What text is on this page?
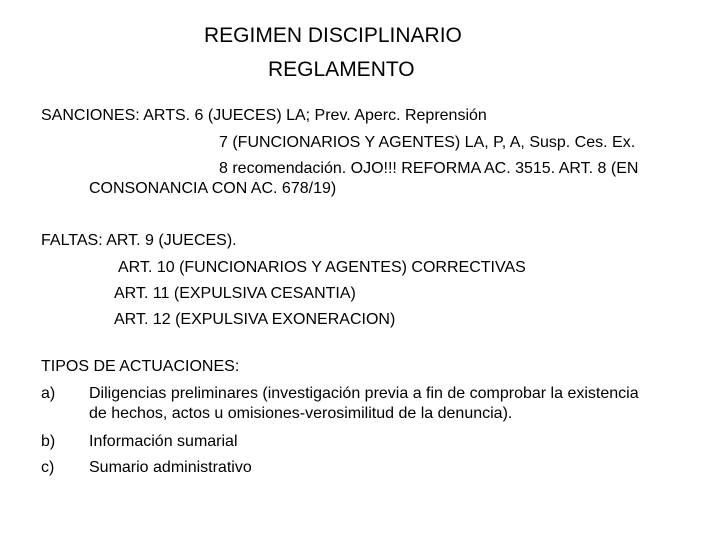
REGIMEN DISCIPLINARIO
REGLAMENTO
SANCIONES: ARTS. 6 (JUECES) LA; Prev. Aperc. Reprensión
7 (FUNCIONARIOS Y AGENTES) LA, P, A, Susp. Ces. Ex.
8 recomendación. OJO!!! REFORMA AC. 3515. ART. 8 (EN
CONSONANCIA CON AC. 678/19)
FALTAS: ART. 9 (JUECES).
ART. 10 (FUNCIONARIOS Y AGENTES) CORRECTIVAS
ART. 11 (EXPULSIVA CESANTIA)
ART. 12 (EXPULSIVA EXONERACION)
TIPOS DE ACTUACIONES:
a) Diligencias preliminares (investigación previa a fin de comprobar la existencia
de hechos, actos u omisiones-verosimilitud de la denuncia).
b) Información sumarial
c) Sumario administrativo
